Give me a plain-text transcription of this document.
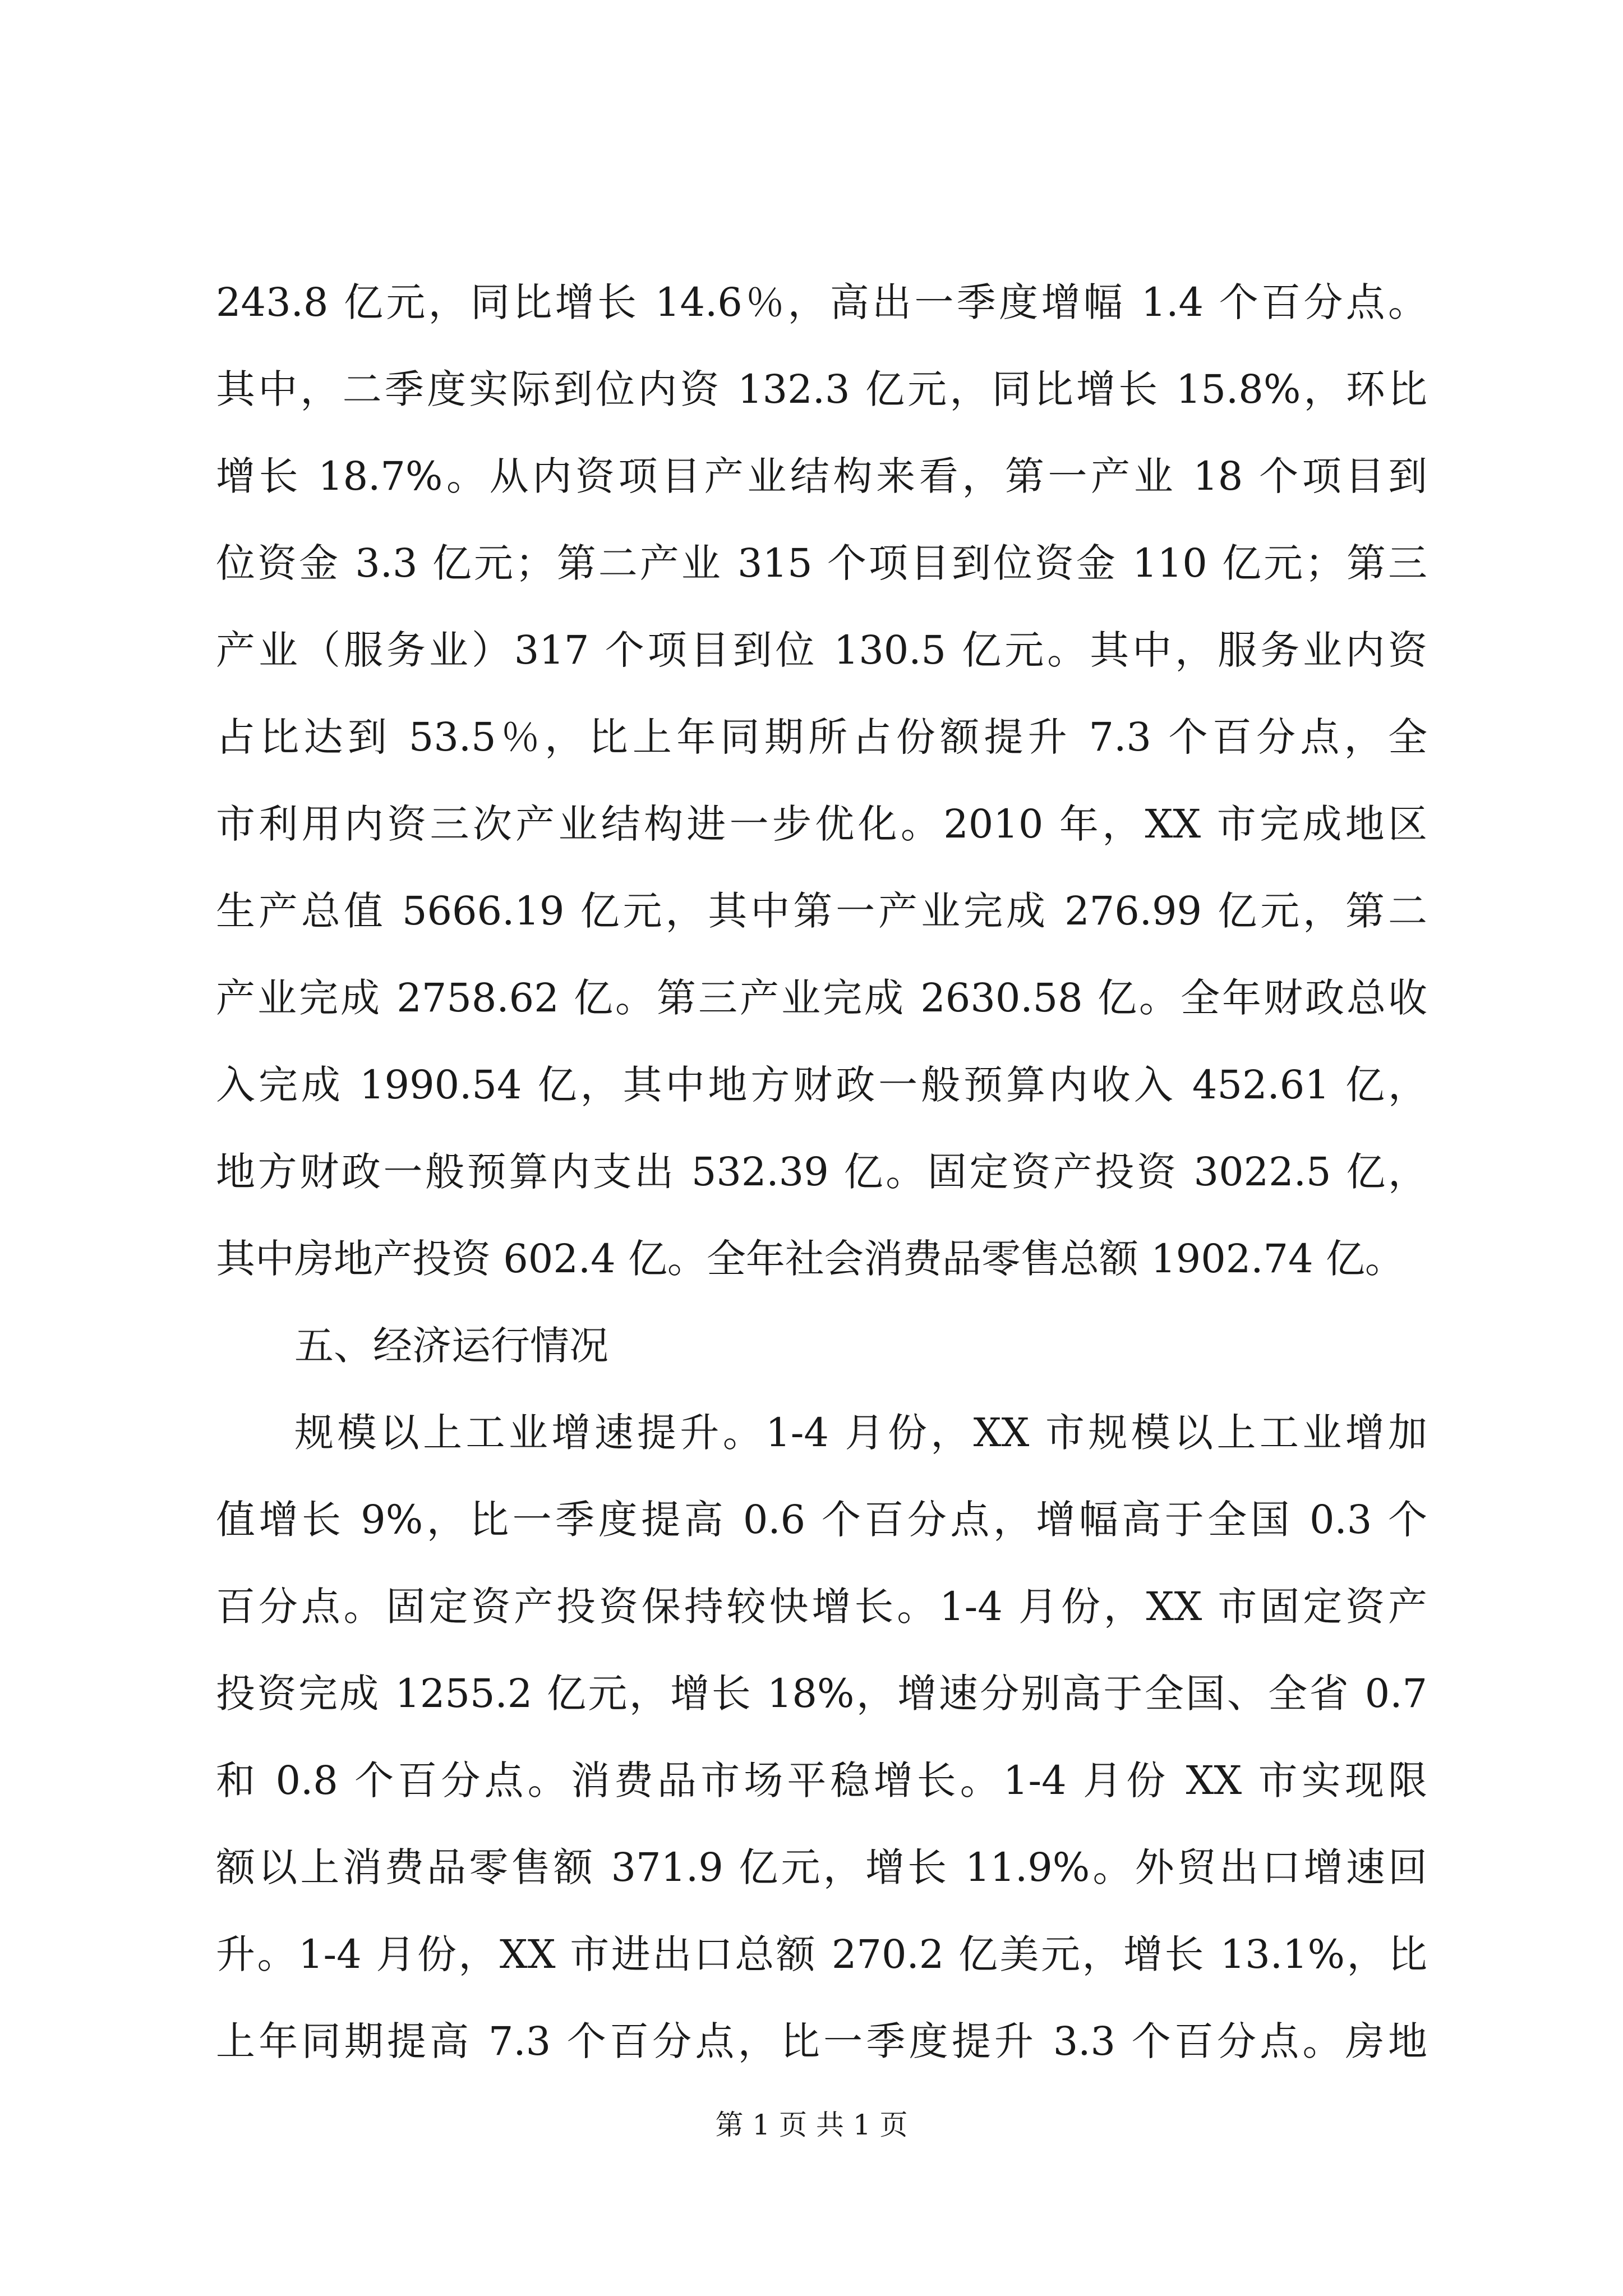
243.8 亿元，同比增长 14.6％，高出一季度增幅 1.4 个百分点。
其中，二季度实际到位内资 132.3 亿元，同比增长 15.8%，环比
增长 18.7%。从内资项目产业结构来看，第一产业 18 个项目到
位资金 3.3 亿元；第二产业 315 个项目到位资金 110 亿元；第三
产业（服务业）317 个项目到位 130.5 亿元。其中，服务业内资
占比达到 53.5％，比上年同期所占份额提升 7.3 个百分点，全
市利用内资三次产业结构进一步优化。2010 年，XX 市完成地区
生产总值 5666.19 亿元，其中第一产业完成 276.99 亿元，第二
产业完成 2758.62 亿。第三产业完成 2630.58 亿。全年财政总收
入完成 1990.54 亿，其中地方财政一般预算内收入 452.61 亿，
地方财政一般预算内支出 532.39 亿。固定资产投资 3022.5 亿，
其中房地产投资 602.4 亿。全年社会消费品零售总额 1902.74 亿。
五、经济运行情况
规模以上工业增速提升。1-4 月份，XX 市规模以上工业增加
值增长 9%，比一季度提高 0.6 个百分点，增幅高于全国 0.3 个
百分点。固定资产投资保持较快增长。1-4 月份，XX 市固定资产
投资完成 1255.2 亿元，增长 18%，增速分别高于全国、全省 0.7
和 0.8 个百分点。消费品市场平稳增长。1-4 月份 XX 市实现限
额以上消费品零售额 371.9 亿元，增长 11.9%。外贸出口增速回
升。1-4 月份，XX 市进出口总额 270.2 亿美元，增长 13.1%，比
上年同期提高 7.3 个百分点，比一季度提升 3.3 个百分点。房地
第 1 页 共 1 页
